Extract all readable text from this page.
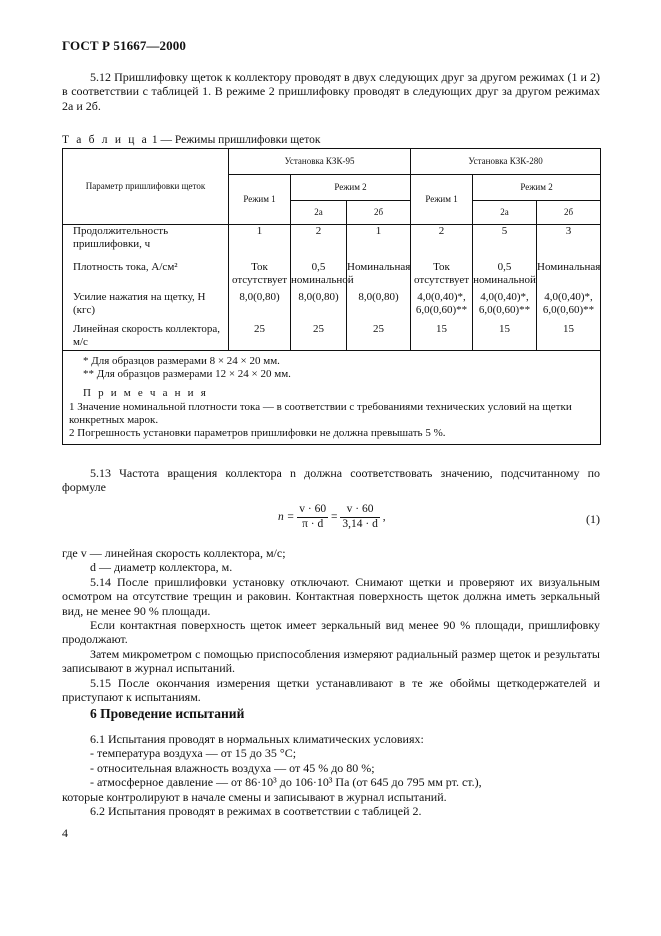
ГОСТ Р 51667—2000

5.12 Пришлифовку щеток к коллектору проводят в двух следующих друг за другом режимах (1 и 2) в соответствии с таблицей 1. В режиме 2 пришлифовку проводят в следующих друг за другом режимах 2а и 2б.

Т а б л и ц а 1 — Режимы пришлифовки щеток
Параметр пришлифовки щеток	Установка КЗК-95			Установка КЗК-280		
	Режим 1	Режим 2		Режим 1	Режим 2	
		2а	2б		2а	2б
Продолжительность пришлифовки, ч	1	2	1	2	5	3
Плотность тока, А/см²	Ток отсутствует	0,5 номинальной	Номинальная	Ток отсутствует	0,5 номинальной	Номинальная
Усилие нажатия на щетку, Н (кгс)	8,0(0,80)	8,0(0,80)	8,0(0,80)	4,0(0,40)*, 6,0(0,60)**	4,0(0,40)*, 6,0(0,60)**	4,0(0,40)*, 6,0(0,60)**
Линейная скорость коллектора, м/с	25	25	25	15	15	15

* Для образцов размерами 8 × 24 × 20 мм.
** Для образцов размерами 12 × 24 × 20 мм.
П р и м е ч а н и я
1 Значение номинальной плотности тока — в соответствии с требованиями технических условий на щетки конкретных марок.
2 Погрешность установки параметров пришлифовки не должна превышать 5 %.						

5.13 Частота вращения коллектора n должна соответствовать значению, подсчитанному по формуле

$n = \frac{v \cdot 60}{\pi \cdot d} = \frac{v \cdot 60}{3,14 \cdot d}$ ,	(1)

где v — линейная скорость коллектора, м/с;

d — диаметр коллектора, м.

5.14 После пришлифовки установку отключают. Снимают щетки и проверяют их визуальным осмотром на отсутствие трещин и раковин. Контактная поверхность щеток должна иметь зеркальный вид, не менее 90 % площади.

Если контактная поверхность щеток имеет зеркальный вид менее 90 % площади, пришлифовку продолжают.

Затем микрометром с помощью приспособления измеряют радиальный размер щеток и результаты записывают в журнал испытаний.

5.15 После окончания измерения щетки устанавливают в те же обоймы щеткодержателей и приступают к испытаниям.

6 Проведение испытаний

6.1 Испытания проводят в нормальных климатических условиях:

- температура воздуха — от 15 до 35 °С;

- относительная влажность воздуха — от 45 % до 80 %;

- атмосферное давление — от 86·10³ до 106·10³ Па (от 645 до 795 мм рт. ст.),

которые контролируют в начале смены и записывают в журнал испытаний.

6.2 Испытания проводят в режимах в соответствии с таблицей 2.

4
